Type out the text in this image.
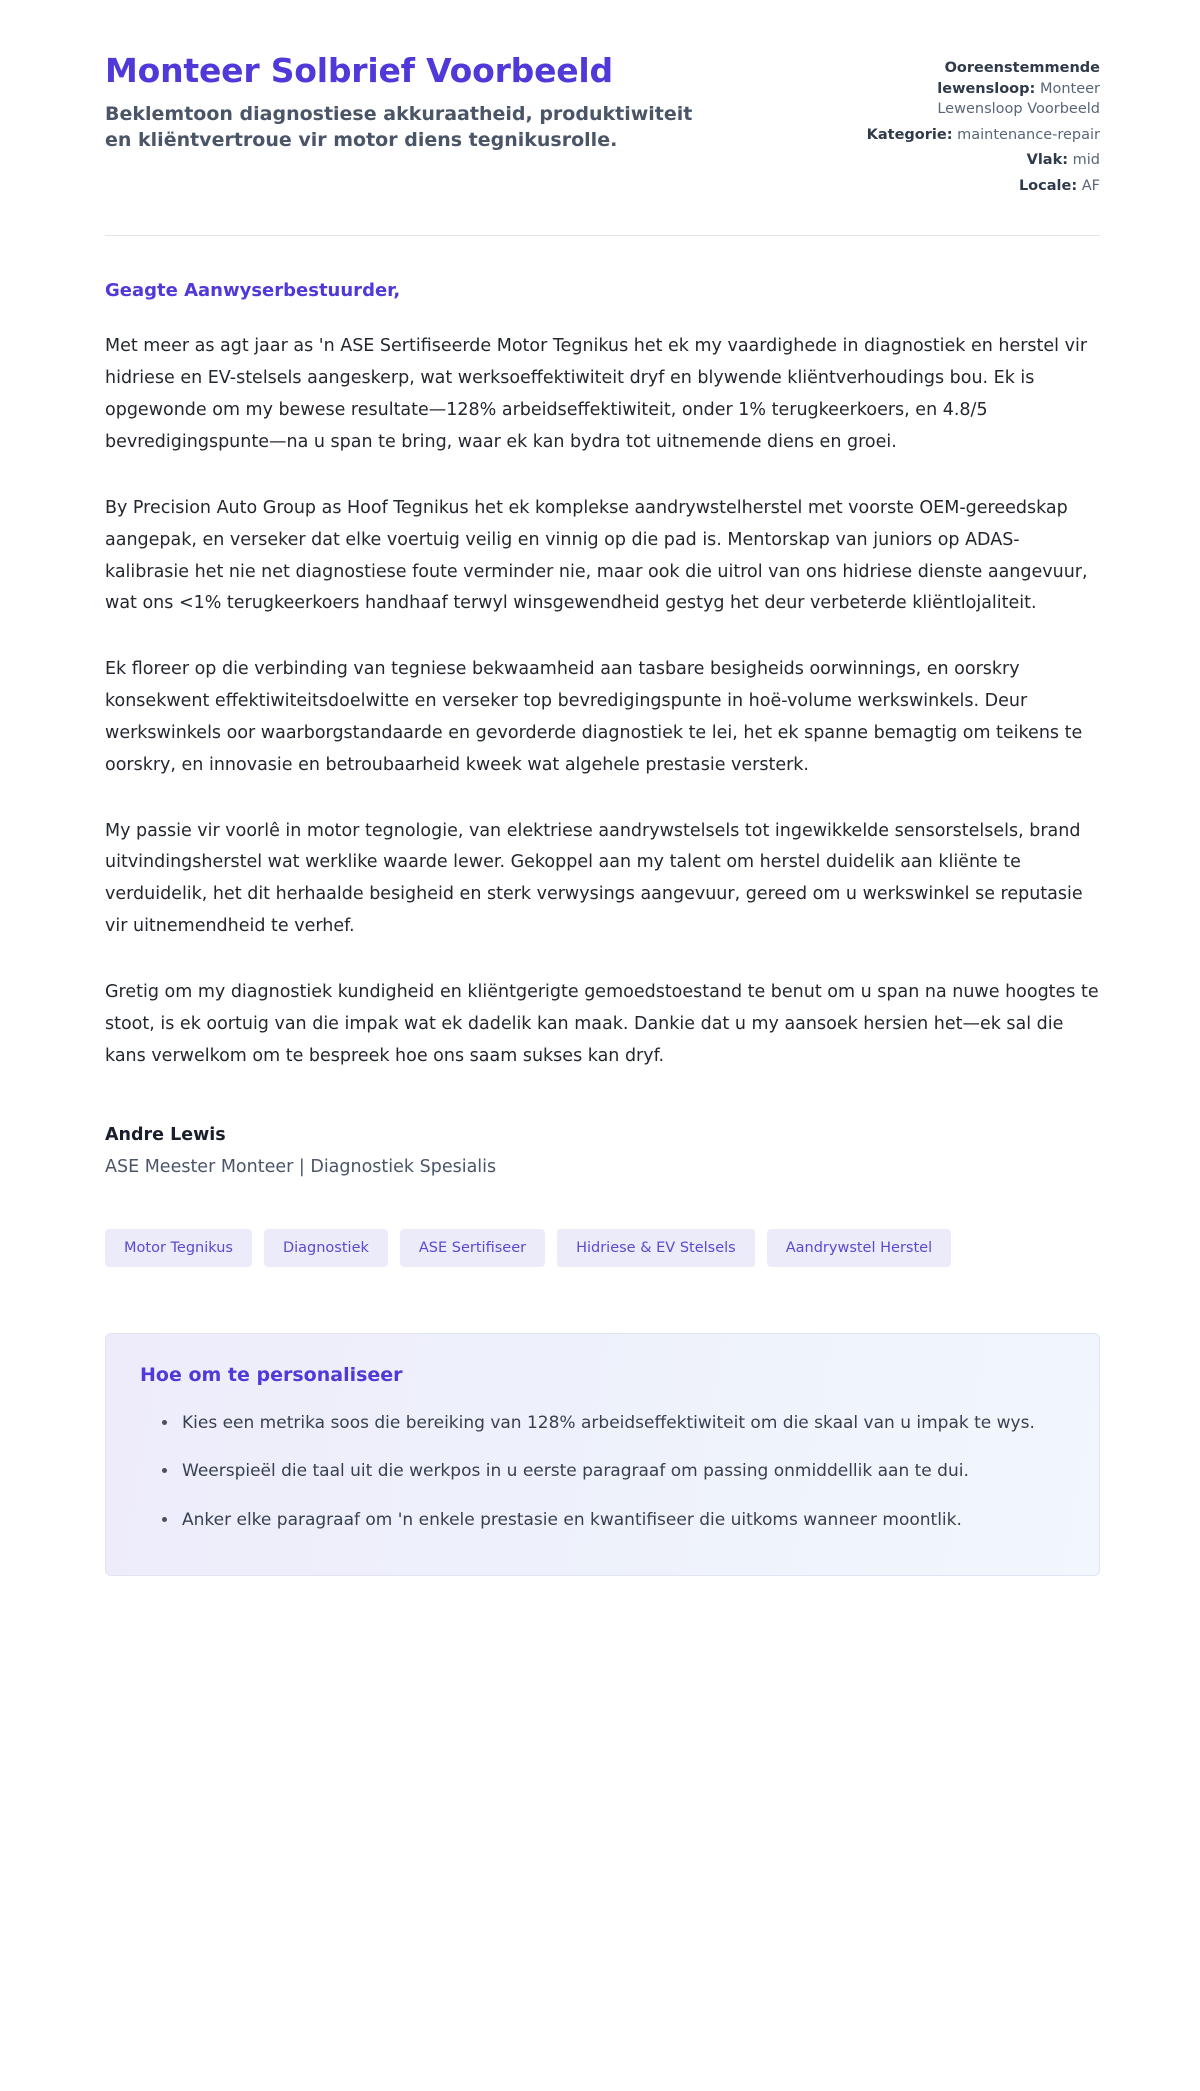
Monteer Solbrief Voorbeeld

Beklemtoon diagnostiese akkuraatheid, produktiwiteit en kliëntvertroue vir motor diens tegnikusrolle.

Ooreenstemmende lewensloop: Monteer Lewensloop Voorbeeld
Kategorie: maintenance-repair
Vlak: mid
Locale: AF

Geagte Aanwyserbestuurder,

Met meer as agt jaar as 'n ASE Sertifiseerde Motor Tegnikus het ek my vaardighede in diagnostiek en herstel vir hidriese en EV-stelsels aangeskerp, wat werksoeffektiwiteit dryf en blywende kliëntverhoudings bou. Ek is opgewonde om my bewese resultate—128% arbeidseffektiwiteit, onder 1% terugkeerkoers, en 4.8/5 bevredigingspunte—na u span te bring, waar ek kan bydra tot uitnemende diens en groei.

By Precision Auto Group as Hoof Tegnikus het ek komplekse aandrywstelherstel met voorste OEM-gereedskap aangepak, en verseker dat elke voertuig veilig en vinnig op die pad is. Mentorskap van juniors op ADAS-kalibrasie het nie net diagnostiese foute verminder nie, maar ook die uitrol van ons hidriese dienste aangevuur, wat ons <1% terugkeerkoers handhaaf terwyl winsgewendheid gestyg het deur verbeterde kliëntlojaliteit.

Ek floreer op die verbinding van tegniese bekwaamheid aan tasbare besigheids oorwinnings, en oorskry konsekwent effektiwiteitsdoelwitte en verseker top bevredigingspunte in hoë-volume werkswinkels. Deur werkswinkels oor waarborgstandaarde en gevorderde diagnostiek te lei, het ek spanne bemagtig om teikens te oorskry, en innovasie en betroubaarheid kweek wat algehele prestasie versterk.

My passie vir voorlê in motor tegnologie, van elektriese aandrywstelsels tot ingewikkelde sensorstelsels, brand uitvindingsherstel wat werklike waarde lewer. Gekoppel aan my talent om herstel duidelik aan kliënte te verduidelik, het dit herhaalde besigheid en sterk verwysings aangevuur, gereed om u werkswinkel se reputasie vir uitnemendheid te verhef.

Gretig om my diagnostiek kundigheid en kliëntgerigte gemoedstoestand te benut om u span na nuwe hoogtes te stoot, is ek oortuig van die impak wat ek dadelik kan maak. Dankie dat u my aansoek hersien het—ek sal die kans verwelkom om te bespreek hoe ons saam sukses kan dryf.

Andre Lewis

ASE Meester Monteer | Diagnostiek Spesialis

Motor Tegnikus	Diagnostiek	ASE Sertifiseer	Hidriese & EV Stelsels	Aandrywstel Herstel
Hoe om te personaliseer
Kies een metrika soos die bereiking van 128% arbeidseffektiwiteit om die skaal van u impak te wys.
Weerspieël die taal uit die werkpos in u eerste paragraaf om passing onmiddellik aan te dui.
Anker elke paragraaf om 'n enkele prestasie en kwantifiseer die uitkoms wanneer moontlik.
